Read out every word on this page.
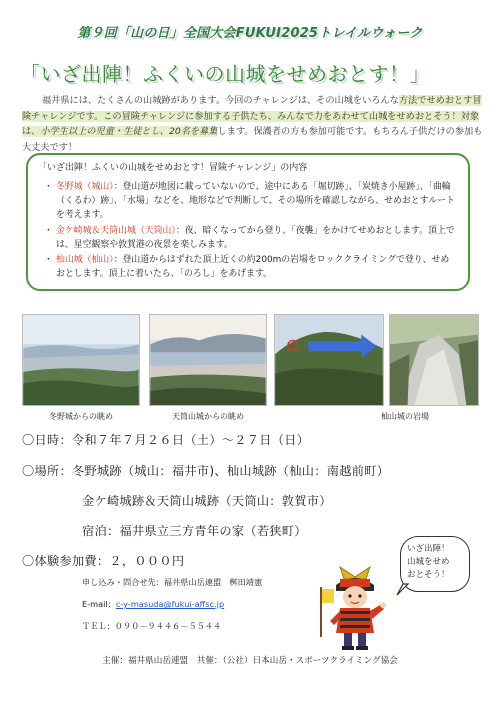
第９回「山の日」全国大会FUKUI2025トレイルウォーク
「いざ出陣！ふくいの山城をせめおとす！」
福井県には、たくさんの山城跡があります。今回のチャレンジは、その山城をいろんな方法でせめおとす冒険チャレンジです。この冒険チャレンジに参加する子供たち、みんなで力をあわせて山城をせめおとそう！対象は、小学生以上の児童・生徒とし、20名を募集します。保護者の方も参加可能です。もちろん子供だけの参加も大丈夫です！
「いざ出陣！ふくいの山城をせめおとす！冒険チャレンジ」の内容
・ 冬野城（城山）：登山道が地図に載っていないので、途中にある「堀切跡」、「炭焼き小屋跡」、「曲輪（くるわ）跡」、「水場」などを、地形などで判断して、その場所を確認しながら、せめおとすルートを考えます。
・ 金ケ崎城＆天筒山城（天筒山）：夜、暗くなってから登り、「夜襲」をかけてせめおとします。頂上では、星空観察や敦賀港の夜景を楽しみます。
・ 杣山城（杣山）：登山道からはずれた頂上近くの約200mの岩場をロッククライミングで登り、せめおとします。頂上に着いたら、「のろし」をあげます。
冬野城からの眺め	天筒山城からの眺め	杣山城の岩場
〇日時：令和７年７月２６日（土）～２７日（日）
〇場所：冬野城跡（城山：福井市)、杣山城跡（杣山：南越前町）
金ケ崎城跡＆天筒山城跡（天筒山：敦賀市）
宿泊：福井県立三方青年の家（若狭町）
〇体験参加費：２，０００円
申し込み・問合せ先：福井県山岳連盟　桝田靖憲
E-mail：c-y-masuda@fukui-affsc.jp
ＴＥＬ：０９０－９４４６－５５４４
いざ出陣！
山城をせめ
おとそう！
主催：福井県山岳連盟　共催：（公社）日本山岳・スポーツクライミング協会
